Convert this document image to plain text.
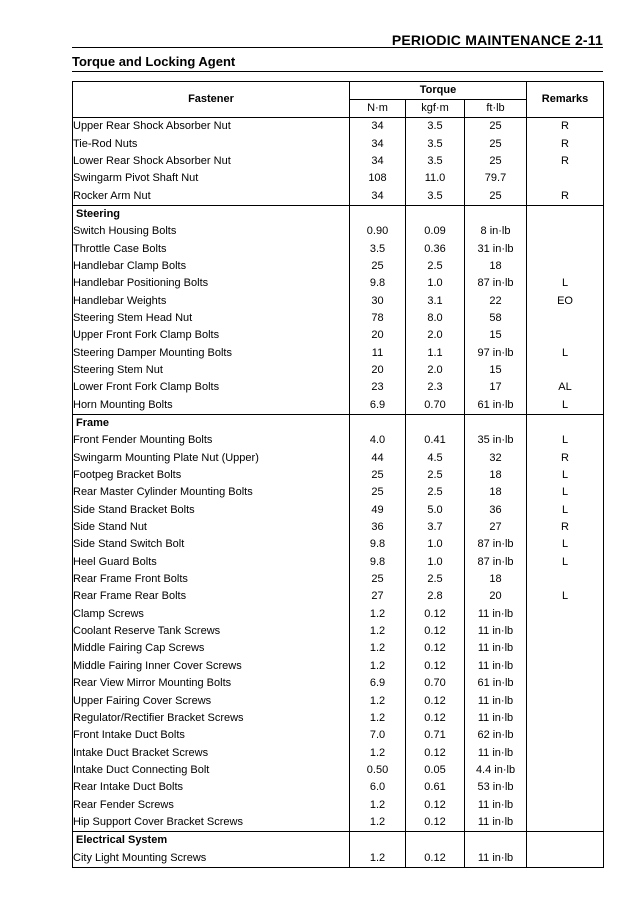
PERIODIC MAINTENANCE 2-11
Torque and Locking Agent
Fastener	Torque			Remarks
	N·m	kgf·m	ft·lb	
Upper Rear Shock Absorber Nut	34	3.5	25	R
Tie-Rod Nuts	34	3.5	25	R
Lower Rear Shock Absorber Nut	34	3.5	25	R
Swingarm Pivot Shaft Nut	108	11.0	79.7	
Rocker Arm Nut	34	3.5	25	R
Steering				
Switch Housing Bolts	0.90	0.09	8 in·lb	
Throttle Case Bolts	3.5	0.36	31 in·lb	
Handlebar Clamp Bolts	25	2.5	18	
Handlebar Positioning Bolts	9.8	1.0	87 in·lb	L
Handlebar Weights	30	3.1	22	EO
Steering Stem Head Nut	78	8.0	58	
Upper Front Fork Clamp Bolts	20	2.0	15	
Steering Damper Mounting Bolts	11	1.1	97 in·lb	L
Steering Stem Nut	20	2.0	15	
Lower Front Fork Clamp Bolts	23	2.3	17	AL
Horn Mounting Bolts	6.9	0.70	61 in·lb	L
Frame				
Front Fender Mounting Bolts	4.0	0.41	35 in·lb	L
Swingarm Mounting Plate Nut (Upper)	44	4.5	32	R
Footpeg Bracket Bolts	25	2.5	18	L
Rear Master Cylinder Mounting Bolts	25	2.5	18	L
Side Stand Bracket Bolts	49	5.0	36	L
Side Stand Nut	36	3.7	27	R
Side Stand Switch Bolt	9.8	1.0	87 in·lb	L
Heel Guard Bolts	9.8	1.0	87 in·lb	L
Rear Frame Front Bolts	25	2.5	18	
Rear Frame Rear Bolts	27	2.8	20	L
Clamp Screws	1.2	0.12	11 in·lb	
Coolant Reserve Tank Screws	1.2	0.12	11 in·lb	
Middle Fairing Cap Screws	1.2	0.12	11 in·lb	
Middle Fairing Inner Cover Screws	1.2	0.12	11 in·lb	
Rear View Mirror Mounting Bolts	6.9	0.70	61 in·lb	
Upper Fairing Cover Screws	1.2	0.12	11 in·lb	
Regulator/Rectifier Bracket Screws	1.2	0.12	11 in·lb	
Front Intake Duct Bolts	7.0	0.71	62 in·lb	
Intake Duct Bracket Screws	1.2	0.12	11 in·lb	
Intake Duct Connecting Bolt	0.50	0.05	4.4 in·lb	
Rear Intake Duct Bolts	6.0	0.61	53 in·lb	
Rear Fender Screws	1.2	0.12	11 in·lb	
Hip Support Cover Bracket Screws	1.2	0.12	11 in·lb	
Electrical System				
City Light Mounting Screws	1.2	0.12	11 in·lb	
